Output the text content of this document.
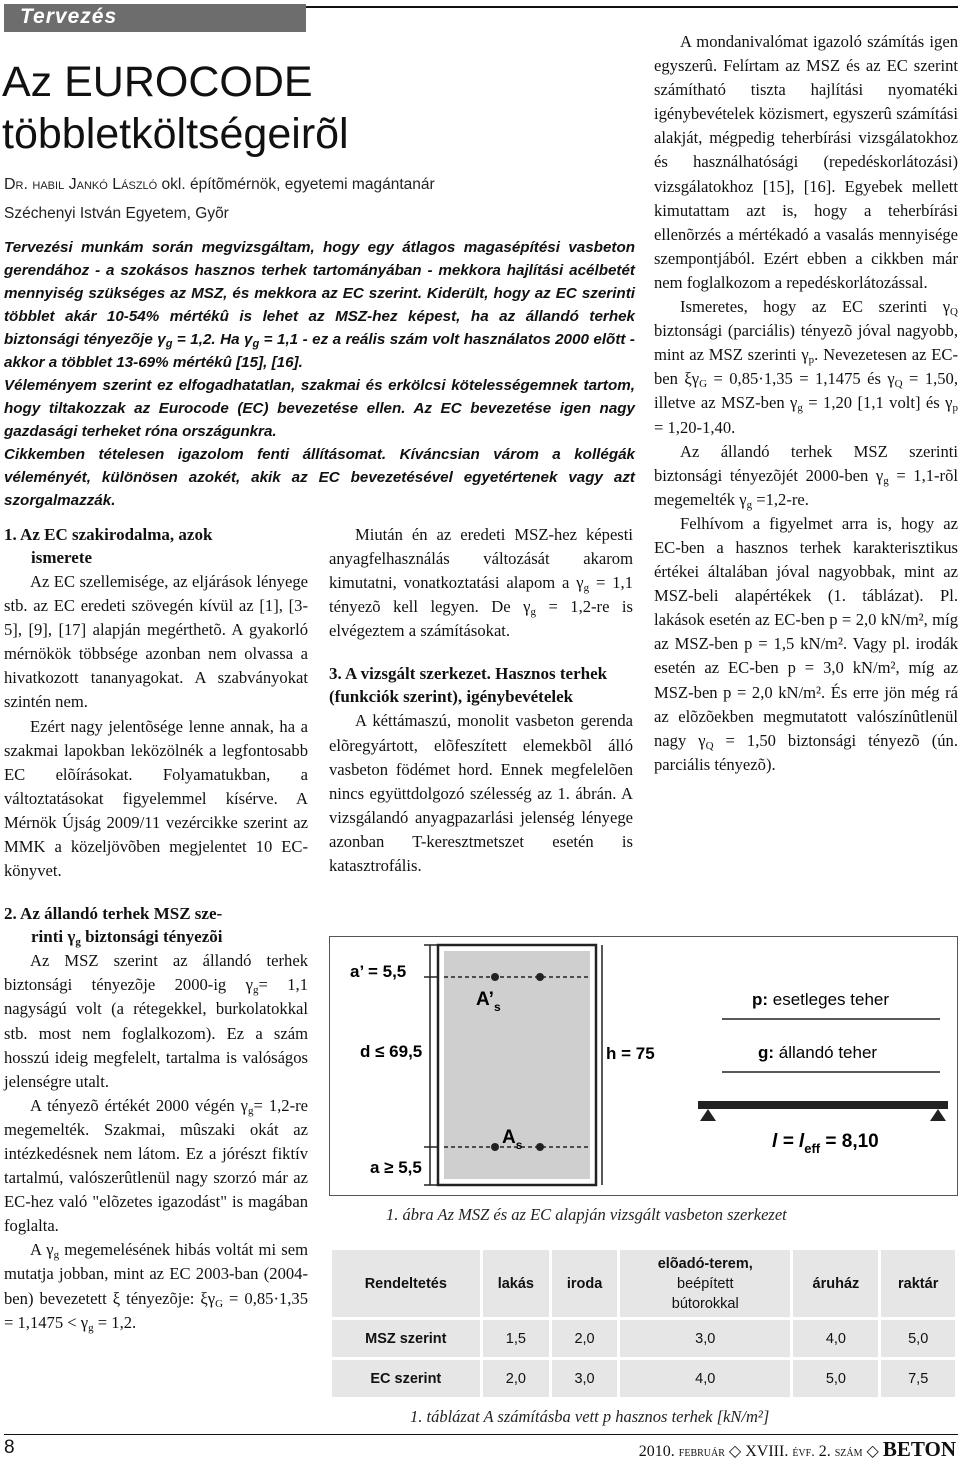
Tervezés
Az EUROCODE
többletköltségeirõl
Dr. habil Jankó László okl. építõmérnök, egyetemi magántanár
Széchenyi István Egyetem, Gyõr

Tervezési munkám során megvizsgáltam, hogy egy átlagos magasépítési vasbeton gerendához - a szokásos hasznos terhek tartományában - mekkora hajlítási acélbetét mennyiség szükséges az MSZ, és mekkora az EC szerint. Kiderült, hogy az EC szerinti többlet akár 10-54% mértékû is lehet az MSZ-hez képest, ha az állandó terhek biztonsági tényezõje $\gamma_g = 1,2$. Ha $\gamma_g = 1,1$ - ez a reális szám volt használatos 2000 elõtt - akkor a többlet 13-69% mértékû [15], [16].

Véleményem szerint ez elfogadhatatlan, szakmai és erkölcsi kötelességemnek tartom, hogy tiltakozzak az Eurocode (EC) bevezetése ellen. Az EC bevezetése igen nagy gazdasági terheket róna országunkra.

Cikkemben tételesen igazolom fenti állításomat. Kíváncsian várom a kollégák véleményét, különösen azokét, akik az EC bevezetésével egyetértenek vagy azt szorgalmazzák.

1. Az EC szakirodalma, azok
ismerete

Az EC szellemisége, az eljárások lényege stb. az EC eredeti szövegén kívül az [1], [3-5], [9], [17] alapján megérthetõ. A gyakorló mérnökök többsége azonban nem olvassa a hivatkozott tananyagokat. A szabványokat szintén nem.

Ezért nagy jelentõsége lenne annak, ha a szakmai lapokban leközölnék a legfontosabb EC elõírásokat. Folyamatukban, a változtatásokat figyelemmel kísérve. A Mérnök Újság 2009/11 vezércikke szerint az MMK a közeljövõben megjelentet 10 EC-könyvet.

2. Az állandó terhek MSZ sze-
rinti $\gamma_g$ biztonsági tényezõi

Az MSZ szerint az állandó terhek biztonsági tényezõje 2000-ig $\gamma_g= 1,1$ nagyságú volt (a rétegekkel, burkolatokkal stb. most nem foglalkozom). Ez a szám hosszú ideig megfelelt, tartalma is valóságos jelenségre utalt.

A tényezõ értékét 2000 végén $\gamma_g= 1,2-re$ megemelték. Szakmai, mûszaki okát az intézkedésnek nem látom. Ez a jórészt fiktív tartalmú, valószerûtlenül nagy szorzó már az EC-hez való "elõzetes igazodást" is magában foglalta.

A $\gamma_g$ megemelésének hibás voltát mi sem mutatja jobban, mint az EC 2003-ban (2004-ben) bevezetett ξ tényezõje: $\xi\gamma_G = 0,85\cdot 1,35 = 1,1475 < \gamma_g = 1,2$.

Miután én az eredeti MSZ-hez képesti anyagfelhasználás változását akarom kimutatni, vonatkoztatási alapom a $\gamma_g = 1,1$ tényezõ kell legyen. De $\gamma_g = 1,2-re$ is elvégeztem a számításokat.

3. A vizsgált szerkezet. Hasznos terhek (funkciók szerint), igénybevételek

A kéttámaszú, monolit vasbeton gerenda elõregyártott, elõfeszített elemekbõl álló vasbeton födémet hord. Ennek megfelelõen nincs együttdolgozó szélesség az 1. ábrán. A vizsgálandó anyagpazarlási jelenség lényege azonban T-keresztmetszet esetén is katasztrofális.

A mondanivalómat igazoló számítás igen egyszerû. Felírtam az MSZ és az EC szerint számítható tiszta hajlítási nyomatéki igénybevételek közismert, egyszerû számítási alakját, mégpedig teherbírási vizsgálatokhoz és használhatósági (repedéskorlátozási) vizsgálatokhoz [15], [16]. Egyebek mellett kimutattam azt is, hogy a teherbírási ellenõrzés a mértékadó a vasalás mennyisége szempontjából. Ezért ebben a cikkben már nem foglalkozom a repedéskorlátozással.

Ismeretes, hogy az EC szerinti $\gamma_Q$ biztonsági (parciális) tényezõ jóval nagyobb, mint az MSZ szerinti $\gamma_p$. Nevezetesen az EC-ben $\xi\gamma_G = 0,85\cdot 1,35 = 1,1475$ és $\gamma_Q = 1,50$, illetve az MSZ-ben $\gamma_g = 1,20$ [1,1 volt] és $\gamma_p = 1,20-1,40$.

Az állandó terhek MSZ szerinti biztonsági tényezõjét 2000-ben $\gamma_g$ = 1,1-rõl megemelték $\gamma_g =1,2-re$.

Felhívom a figyelmet arra is, hogy az EC-ben a hasznos terhek karakterisztikus értékei általában jóval nagyobbak, mint az MSZ-beli alapértékek (1. táblázat). Pl. lakások esetén az EC-ben p = 2,0 kN/m², míg az MSZ-ben p = 1,5 kN/m². Vagy pl. irodák esetén az EC-ben p = 3,0 kN/m², míg az MSZ-ben p = 2,0 kN/m². És erre jön még rá az elõzõekben megmutatott valószínûtlenül nagy $\gamma_Q = 1,50$ biztonsági tényezõ (ún. parciális tényezõ).

a’ = 5,5
d ≤ 69,5
a ≥ 5,5
$A’_s$
$A_s$
h = 75
p: esetleges teher
g: állandó teher
$l = l_{eff} = 8,10$
1. ábra Az MSZ és az EC alapján vizsgált vasbeton szerkezet
Rendeltetés	lakás	iroda	elõadó-terem,
beépített
bútorokkal	áruház	raktár
MSZ szerint	1,5	2,0	3,0	4,0	5,0
EC szerint	2,0	3,0	4,0	5,0	7,5
1. táblázat A számításba vett p hasznos terhek [kN/m²]
8	2010. február ◇ XVIII. évf. 2. szám ◇ BETON
